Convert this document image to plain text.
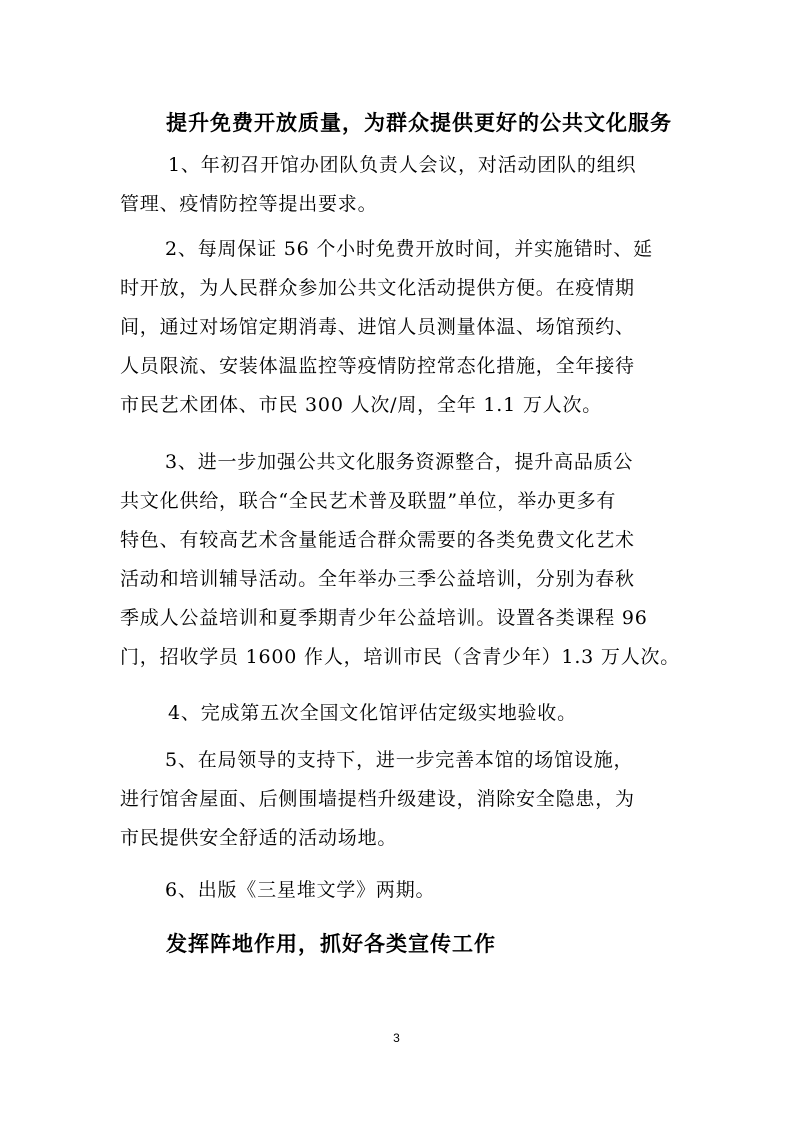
提升免费开放质量，为群众提供更好的公共文化服务

1、年初召开馆办团队负责人会议，对活动团队的组织
管理、疫情防控等提出要求。

2、每周保证 56 个小时免费开放时间，并实施错时、延
时开放，为人民群众参加公共文化活动提供方便。在疫情期
间，通过对场馆定期消毒、进馆人员测量体温、场馆预约、
人员限流、安装体温监控等疫情防控常态化措施，全年接待
市民艺术团体、市民 300 人次/周，全年 1.1 万人次。

3、进一步加强公共文化服务资源整合，提升高品质公
共文化供给，联合“全民艺术普及联盟”单位，举办更多有
特色、有较高艺术含量能适合群众需要的各类免费文化艺术
活动和培训辅导活动。全年举办三季公益培训，分别为春秋
季成人公益培训和夏季期青少年公益培训。设置各类课程 96
门，招收学员 1600 作人，培训市民（含青少年）1.3 万人次。

4、完成第五次全国文化馆评估定级实地验收。

5、在局领导的支持下，进一步完善本馆的场馆设施，
进行馆舍屋面、后侧围墙提档升级建设，消除安全隐患，为
市民提供安全舒适的活动场地。

6、出版《三星堆文学》两期。

发挥阵地作用，抓好各类宣传工作
3
